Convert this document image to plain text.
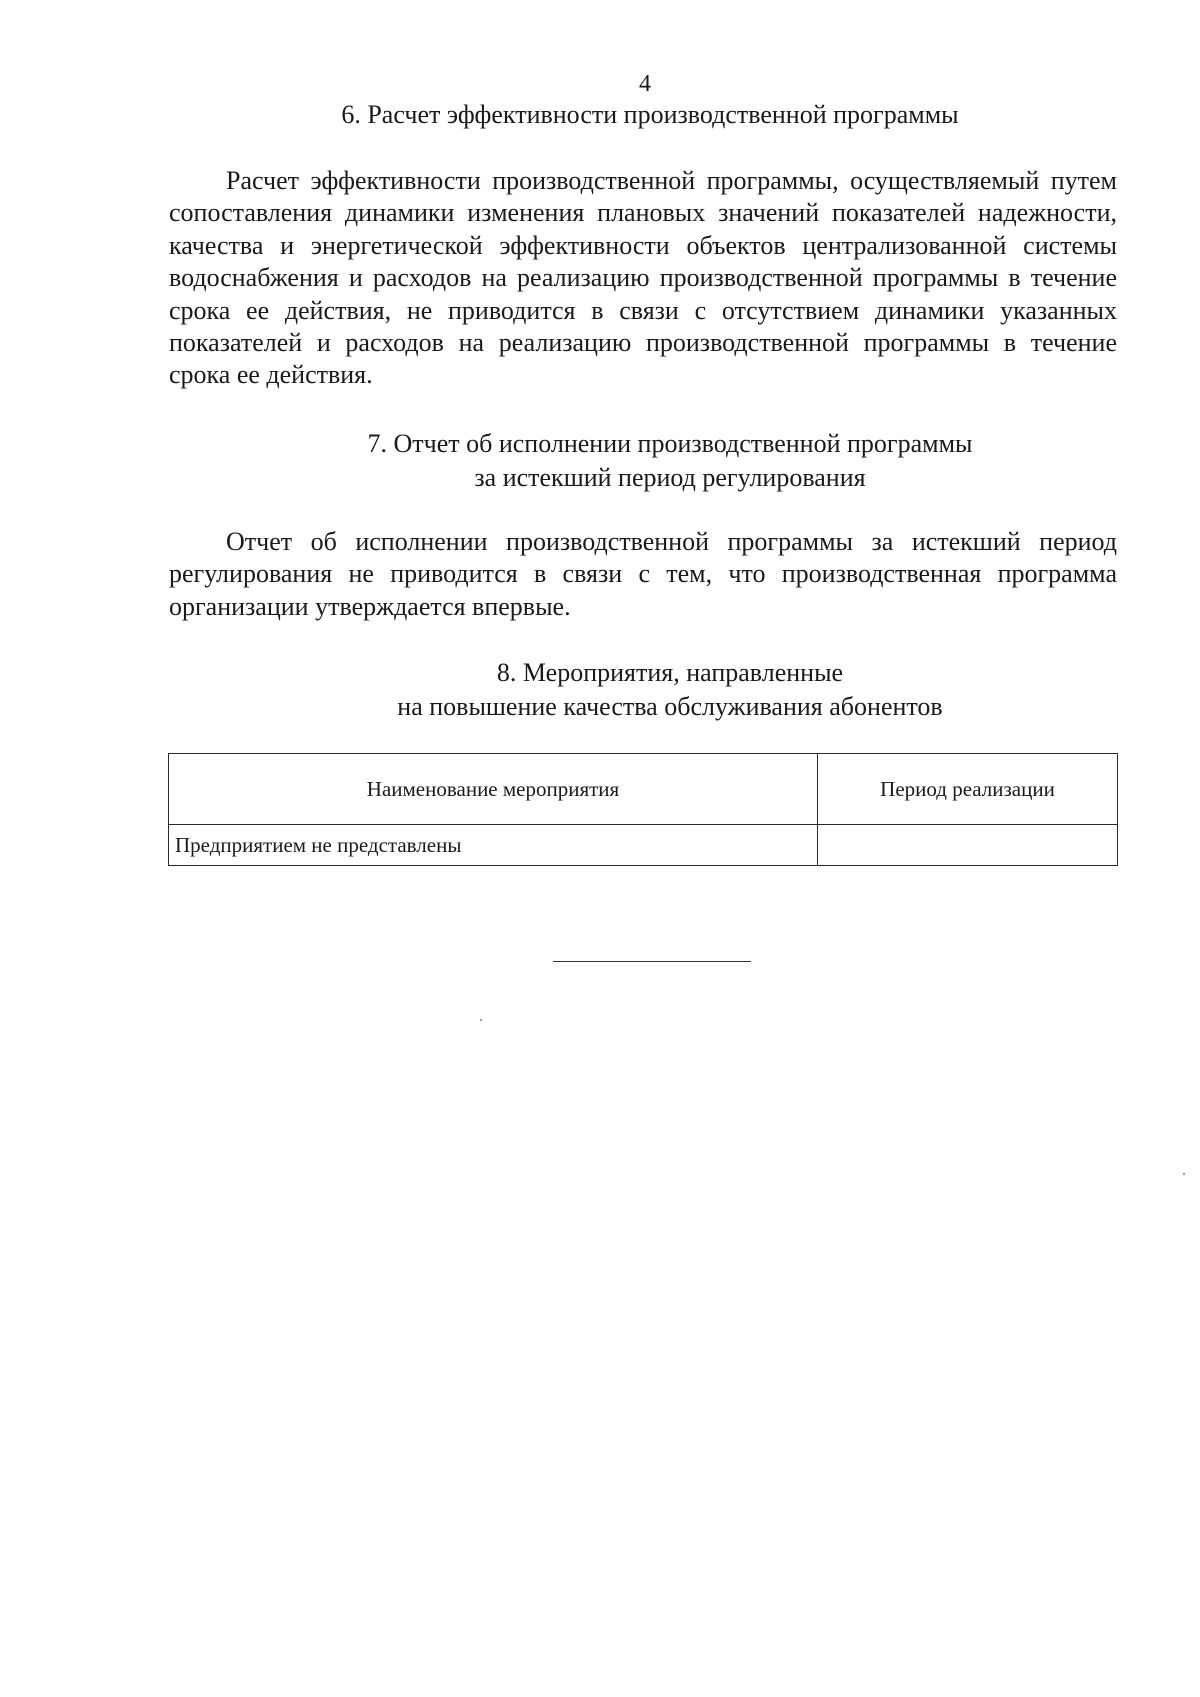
4
6. Расчет эффективности производственной программы

Расчет эффективности производственной программы, осуществляемый путем сопоставления динамики изменения плановых значений показателей надежности, качества и энергетической эффективности объектов централизованной системы водоснабжения и расходов на реализацию производственной программы в течение срока ее действия, не приводится в связи с отсутствием динамики указанных показателей и расходов на реализацию производственной программы в течение срока ее действия.

7. Отчет об исполнении производственной программы
за истекший период регулирования

Отчет об исполнении производственной программы за истекший период регулирования не приводится в связи с тем, что производственная программа организации утверждается впервые.

8. Мероприятия, направленные
на повышение качества обслуживания абонентов
Наименование мероприятия	Период реализации
Предприятием не представлены	
